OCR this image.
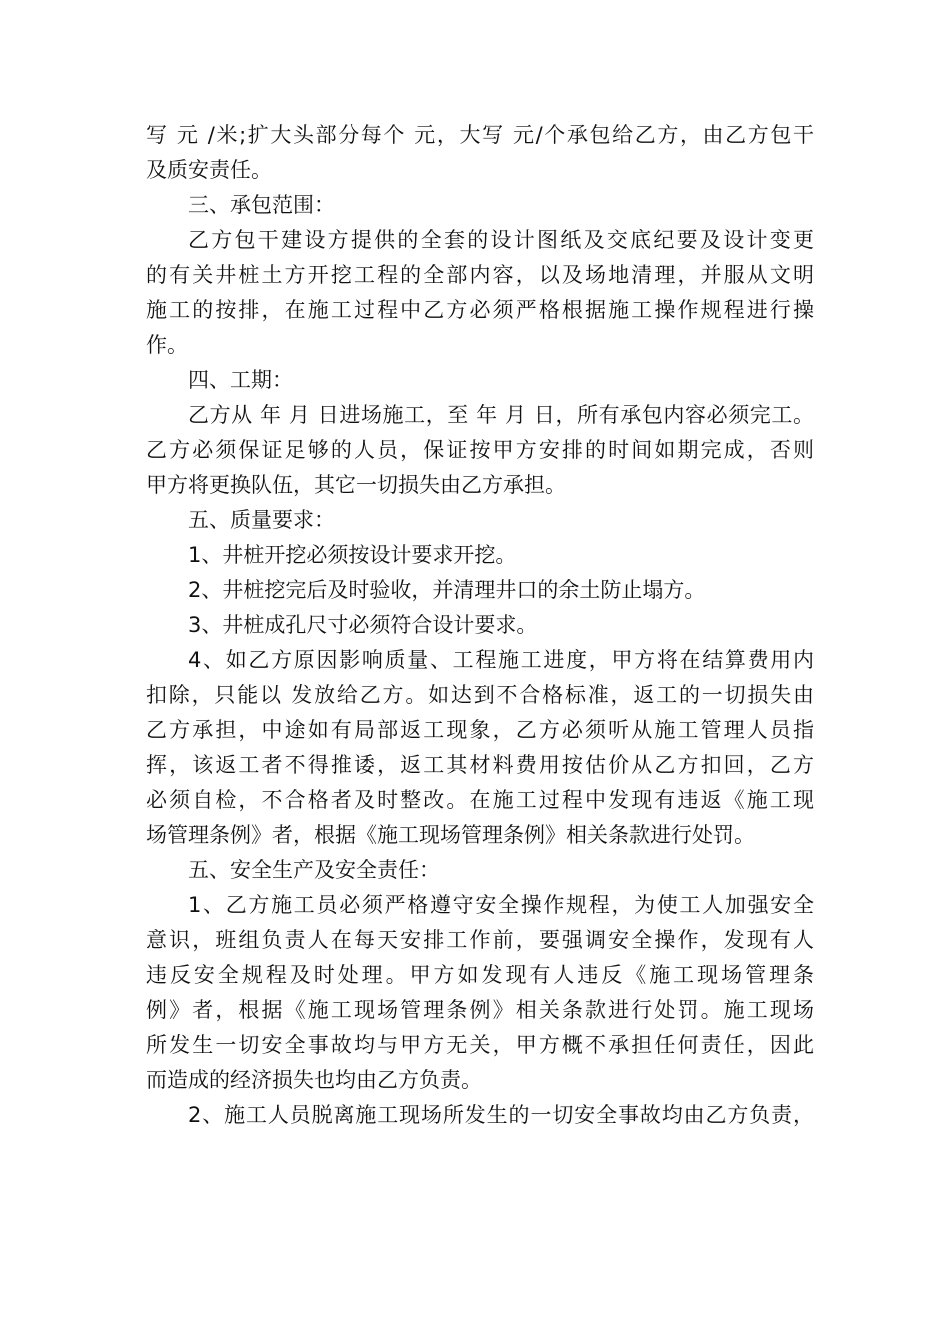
写 元 /米;扩大头部分每个 元，大写 元/个承包给乙方，由乙方包干
及质安责任。
三、承包范围：
乙方包干建设方提供的全套的设计图纸及交底纪要及设计变更
的有关井桩土方开挖工程的全部内容，以及场地清理，并服从文明
施工的按排，在施工过程中乙方必须严格根据施工操作规程进行操
作。
四、工期：
乙方从 年 月 日进场施工，至 年 月 日，所有承包内容必须完工。
乙方必须保证足够的人员，保证按甲方安排的时间如期完成，否则
甲方将更换队伍，其它一切损失由乙方承担。
五、质量要求：
1、井桩开挖必须按设计要求开挖。
2、井桩挖完后及时验收，并清理井口的余土防止塌方。
3、井桩成孔尺寸必须符合设计要求。
4、如乙方原因影响质量、工程施工进度，甲方将在结算费用内
扣除，只能以 发放给乙方。如达到不合格标准，返工的一切损失由
乙方承担，中途如有局部返工现象，乙方必须听从施工管理人员指
挥，该返工者不得推诿，返工其材料费用按估价从乙方扣回，乙方
必须自检，不合格者及时整改。在施工过程中发现有违返《施工现
场管理条例》者，根据《施工现场管理条例》相关条款进行处罚。
五、安全生产及安全责任：
1、乙方施工员必须严格遵守安全操作规程，为使工人加强安全
意识，班组负责人在每天安排工作前，要强调安全操作，发现有人
违反安全规程及时处理。甲方如发现有人违反《施工现场管理条
例》者，根据《施工现场管理条例》相关条款进行处罚。施工现场
所发生一切安全事故均与甲方无关，甲方概不承担任何责任，因此
而造成的经济损失也均由乙方负责。
2、施工人员脱离施工现场所发生的一切安全事故均由乙方负责，
